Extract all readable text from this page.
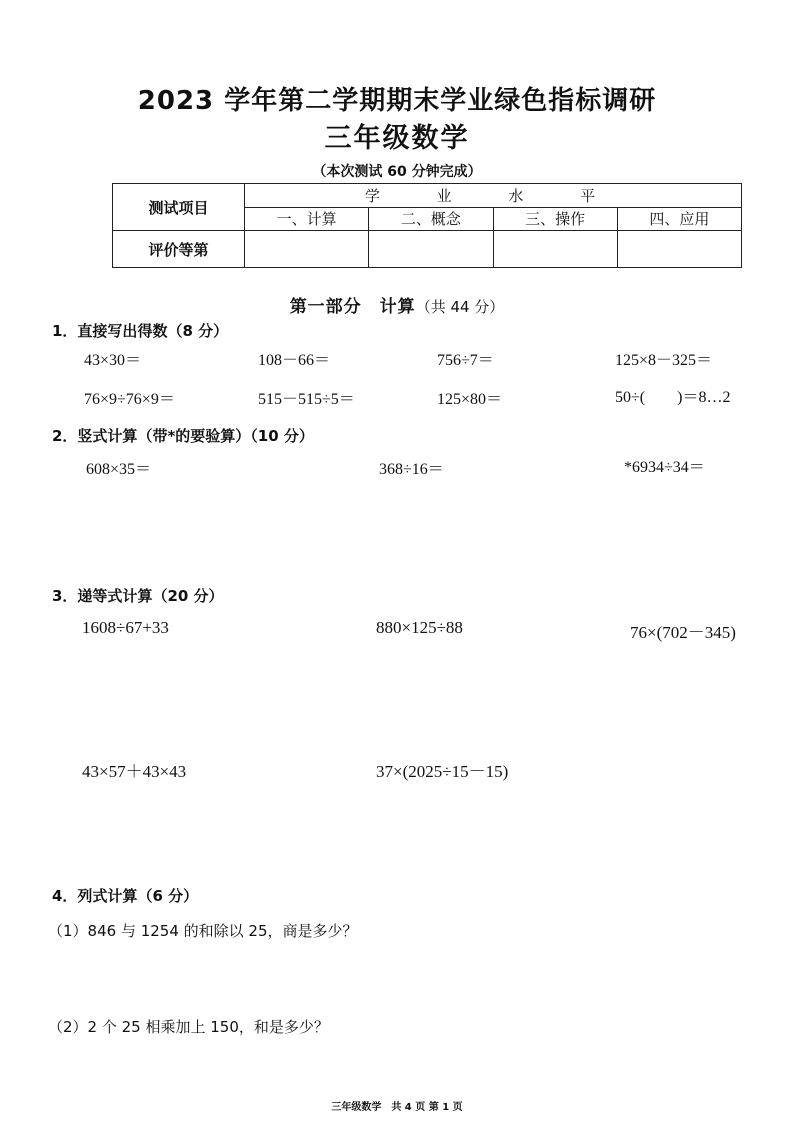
2023 学年第二学期期末学业绿色指标调研
三年级数学
（本次测试 60 分钟完成）
测试项目	学 业 水 平			
	一、计算	二、概念	三、操作	四、应用
评价等第				
第一部分　计算（共 44 分）
1．直接写出得数（8 分）
43×30＝	108－66＝	756÷7＝	125×8－325＝
76×9÷76×9＝	515－515÷5＝	125×80＝	50÷(　　)＝8…2
2．竖式计算（带*的要验算）（10 分）
608×35＝	368÷16＝	*6934÷34＝
3．递等式计算（20 分）
1608÷67+33	880×125÷88	76×(702－345)
43×57＋43×43	37×(2025÷15－15)
4．列式计算（6 分）
（1）846 与 1254 的和除以 25，商是多少？
（2）2 个 25 相乘加上 150，和是多少？
三年级数学　共 4 页 第 1 页
